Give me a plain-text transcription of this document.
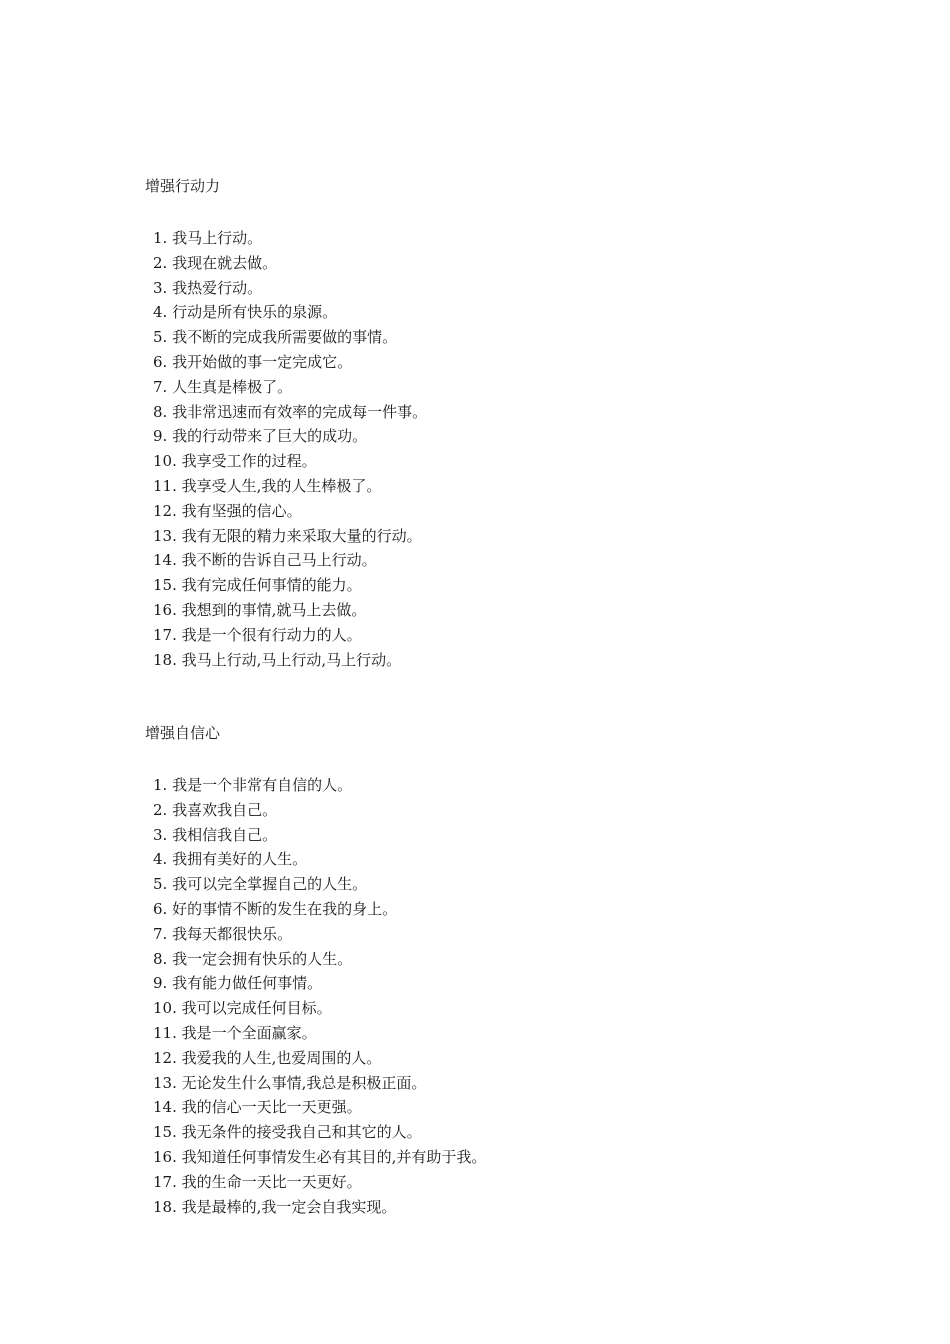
增强行动力
1. 我马上行动。
2. 我现在就去做。
3. 我热爱行动。
4. 行动是所有快乐的泉源。
5. 我不断的完成我所需要做的事情。
6. 我开始做的事一定完成它。
7. 人生真是棒极了。
8. 我非常迅速而有效率的完成每一件事。
9. 我的行动带来了巨大的成功。
10. 我享受工作的过程。
11. 我享受人生,我的人生棒极了。
12. 我有坚强的信心。
13. 我有无限的精力来采取大量的行动。
14. 我不断的告诉自己马上行动。
15. 我有完成任何事情的能力。
16. 我想到的事情,就马上去做。
17. 我是一个很有行动力的人。
18. 我马上行动,马上行动,马上行动。
增强自信心
1. 我是一个非常有自信的人。
2. 我喜欢我自己。
3. 我相信我自己。
4. 我拥有美好的人生。
5. 我可以完全掌握自己的人生。
6. 好的事情不断的发生在我的身上。
7. 我每天都很快乐。
8. 我一定会拥有快乐的人生。
9. 我有能力做任何事情。
10. 我可以完成任何目标。
11. 我是一个全面赢家。
12. 我爱我的人生,也爱周围的人。
13. 无论发生什么事情,我总是积极正面。
14. 我的信心一天比一天更强。
15. 我无条件的接受我自己和其它的人。
16. 我知道任何事情发生必有其目的,并有助于我。
17. 我的生命一天比一天更好。
18. 我是最棒的,我一定会自我实现。
